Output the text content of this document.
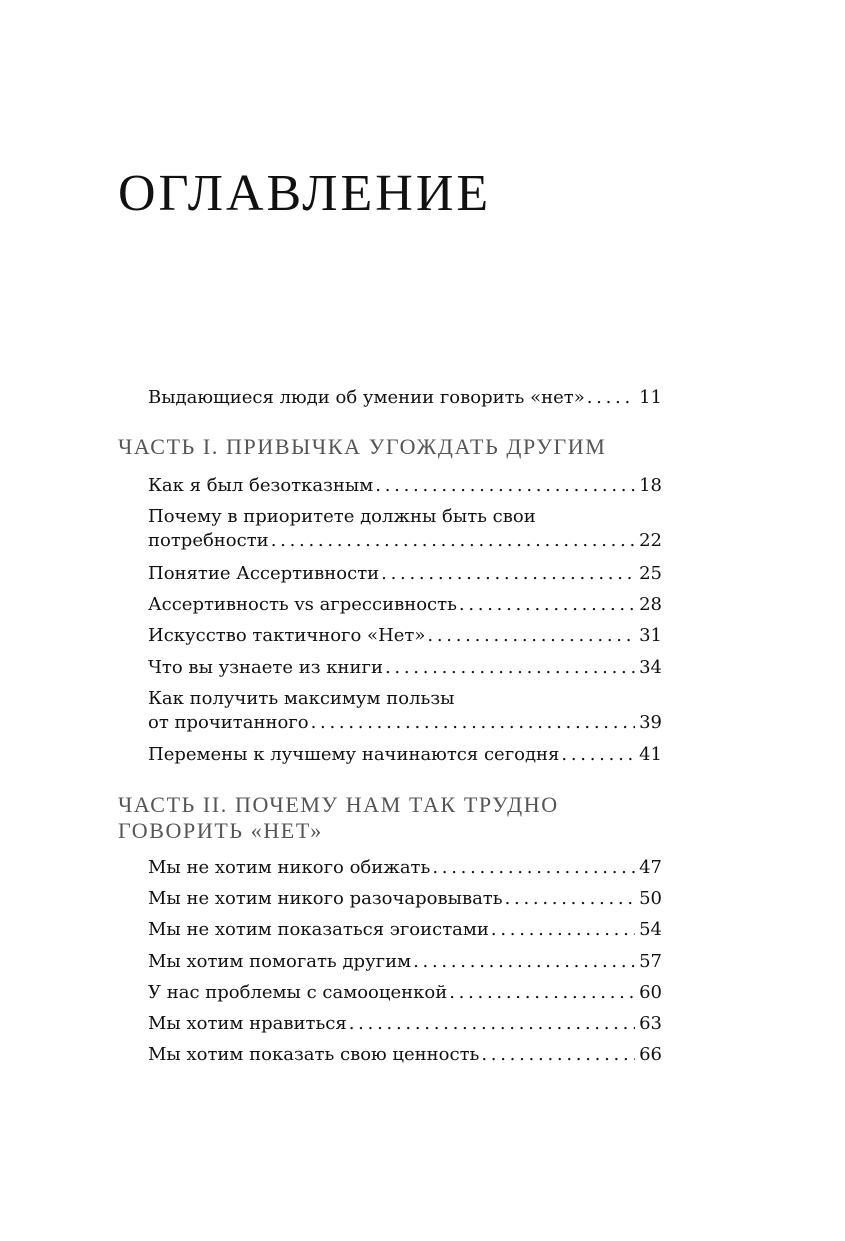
ОГЛАВЛЕНИЕ
Выдающиеся люди об умении говорить «нет» . . .	11
ЧАСТЬ I. ПРИВЫЧКА УГОЖДАТЬ ДРУГИМ
Как я был безотказным . . .	18
Почему в приоритете должны быть свои
потребности . . .	22
Понятие Ассертивности . . .	25
Ассертивность vs агрессивность . . .	28
Искусство тактичного «Нет» . . .	31
Что вы узнаете из книги . . .	34
Как получить максимум пользы
от прочитанного . . .	39
Перемены к лучшему начинаются сегодня . . .	41
ЧАСТЬ II. ПОЧЕМУ НАМ ТАК ТРУДНО
ГОВОРИТЬ «НЕТ»
Мы не хотим никого обижать . . .	47
Мы не хотим никого разочаровывать . . .	50
Мы не хотим показаться эгоистами . . .	54
Мы хотим помогать другим . . .	57
У нас проблемы с самооценкой . . .	60
Мы хотим нравиться . . .	63
Мы хотим показать свою ценность . . .	66
